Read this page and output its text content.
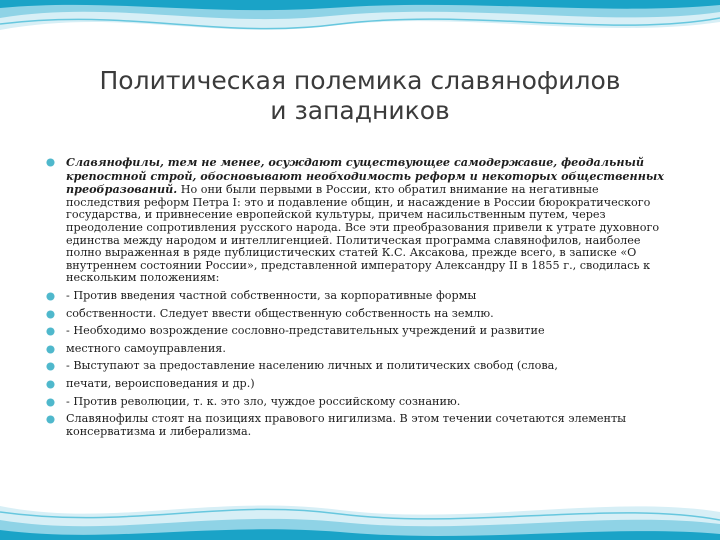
Политическая полемика славянофилов
и западников
Славянофилы, тем не менее, осуждают существующее самодержавие, феодальный крепостной строй, обосновывают необходимость реформ и некоторых общественных преобразований. Но они были первыми в России, кто обратил внимание на негативные последствия реформ Петра I: это и подавление общин, и насаждение в России бюрократического государства, и привнесение европейской культуры, причем насильственным путем, через преодоление сопротивления русского народа. Все эти преобразования привели к утрате духовного единства между народом и интеллигенцией. Политическая программа славянофилов, наиболее полно выраженная в ряде публицистических статей К.С. Аксакова, прежде всего, в записке «О внутреннем состоянии России», представленной императору Александру II в 1855 г., сводилась к нескольким положениям:
- Против введения частной собственности, за корпоративные формы
собственности. Следует ввести общественную собственность на землю.
- Необходимо возрождение сословно-представительных учреждений и развитие
местного самоуправления.
- Выступают за предоставление населению личных и политических свобод (слова,
печати, вероисповедания и др.)
- Против революции, т. к. это зло, чуждое российскому сознанию.
Славянофилы стоят на позициях правового нигилизма. В этом течении сочетаются элементы консерватизма и либерализма.
